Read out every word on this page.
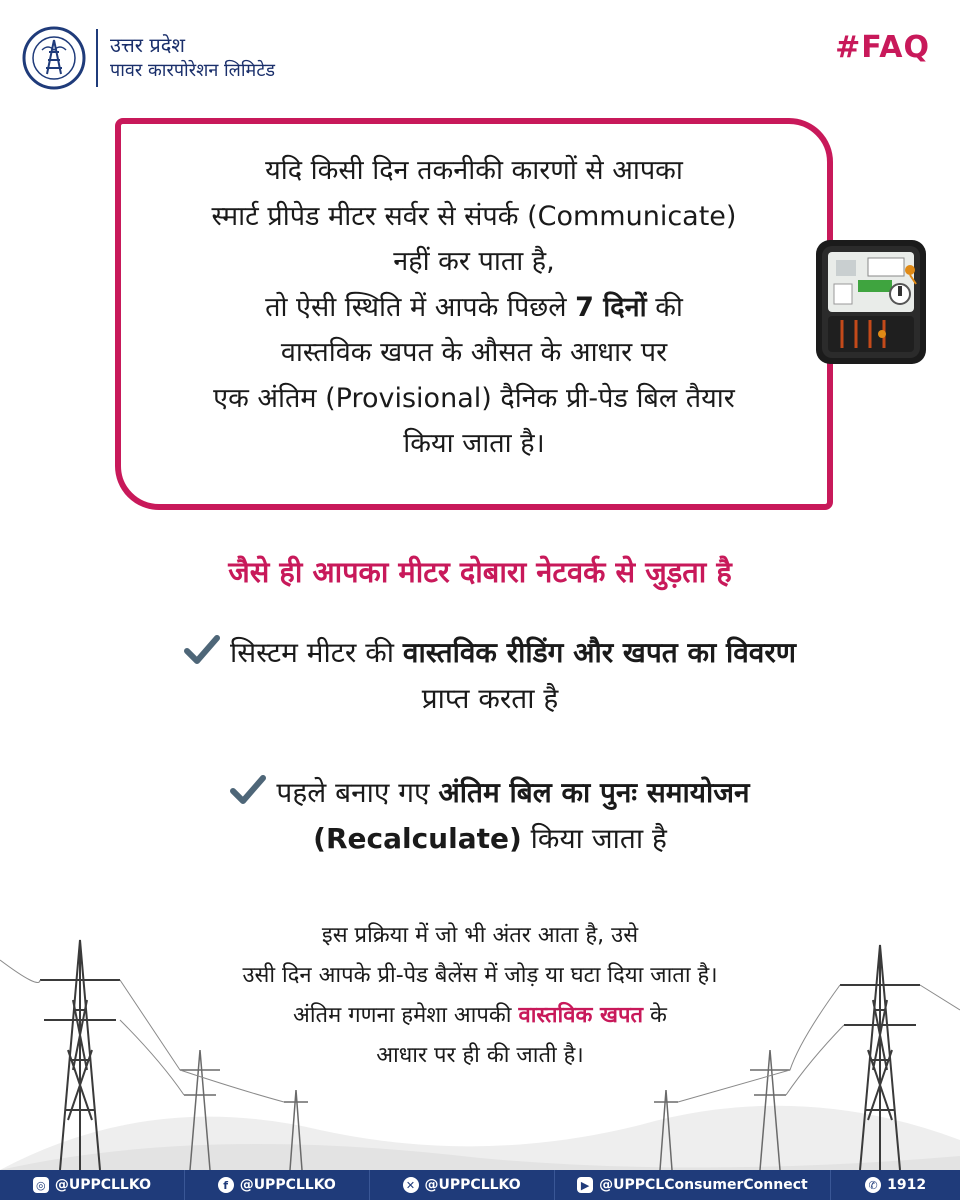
उत्तर प्रदेश
पावर कारपोरेशन लिमिटेड
#FAQ
यदि किसी दिन तकनीकी कारणों से आपका
स्मार्ट प्रीपेड मीटर सर्वर से संपर्क (Communicate)
नहीं कर पाता है,
तो ऐसी स्थिति में आपके पिछले 7 दिनों की
वास्तविक खपत के औसत के आधार पर
एक अंतिम (Provisional) दैनिक प्री-पेड बिल तैयार
किया जाता है।
जैसे ही आपका मीटर दोबारा नेटवर्क से जुड़ता है
सिस्टम मीटर की वास्तविक रीडिंग और खपत का विवरण
प्राप्त करता है
पहले बनाए गए अंतिम बिल का पुनः समायोजन
(Recalculate) किया जाता है
इस प्रक्रिया में जो भी अंतर आता है, उसे
उसी दिन आपके प्री-पेड बैलेंस में जोड़ या घटा दिया जाता है।
अंतिम गणना हमेशा आपकी वास्तविक खपत के
आधार पर ही की जाती है।
◎ @UPPCLLKO	f @UPPCLLKO	✕ @UPPCLLKO	▶ @UPPCLConsumerConnect	✆ 1912
